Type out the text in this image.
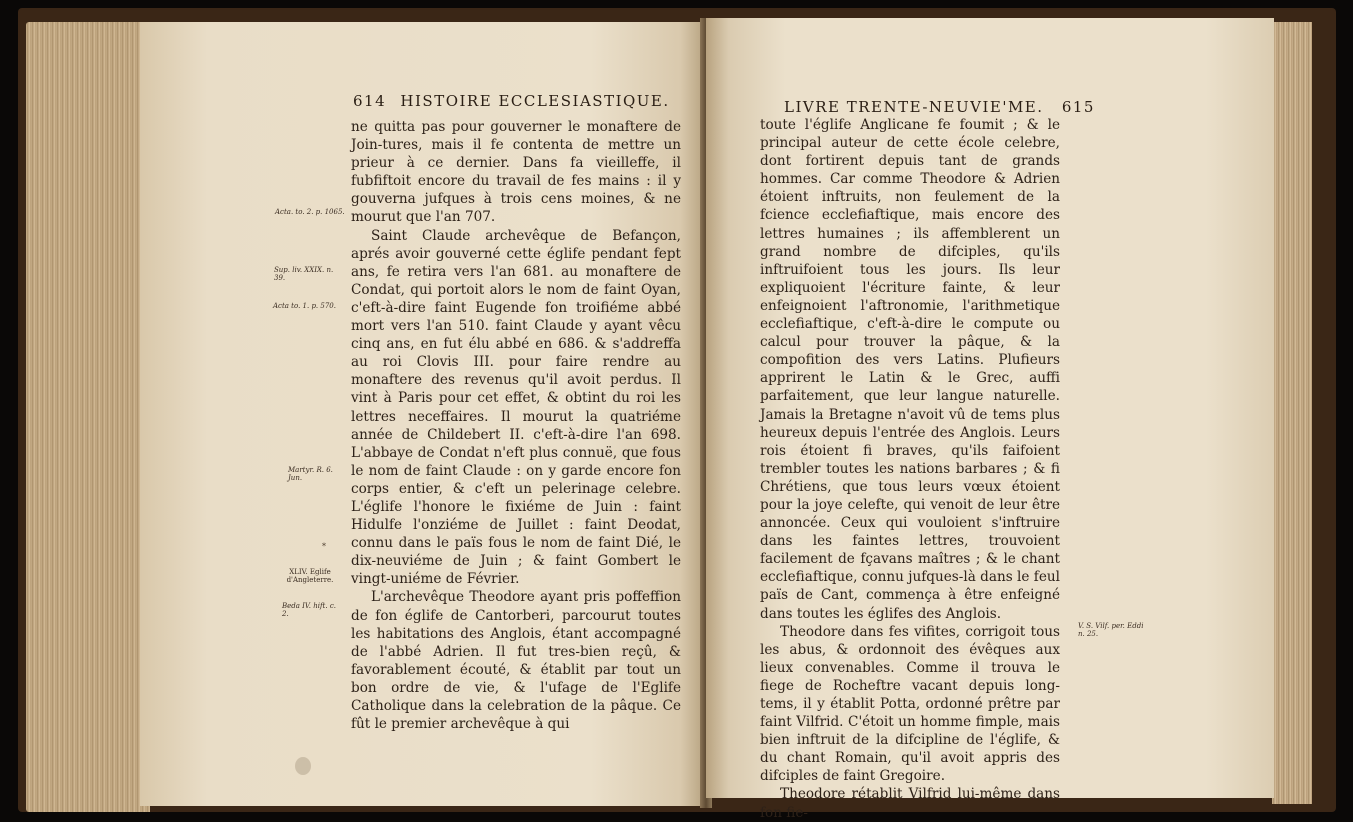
614 HISTOIRE ECCLESIASTIQUE.
Acta. to. 2. p. 1065.
Sup. liv. XXIX. n. 39.
Acta to. 1. p. 570.
Martyr. R. 6. Jun.
*
XLIV. Eglife d'Angleterre.
Beda IV. hift. c. 2.

ne quitta pas pour gouverner le monaftere de Join-tures, mais il fe contenta de mettre un prieur à ce dernier. Dans fa vieilleffe, il fubfiftoit encore du travail de fes mains : il y gouverna jufques à trois cens moines, & ne mourut que l'an 707.

Saint Claude archevêque de Befançon, aprés avoir gouverné cette églife pendant fept ans, fe retira vers l'an 681. au monaftere de Condat, qui portoit alors le nom de faint Oyan, c'eft-à-dire faint Eugende fon troifiéme abbé mort vers l'an 510. faint Claude y ayant vêcu cinq ans, en fut élu abbé en 686. & s'addreffa au roi Clovis III. pour faire rendre au monaftere des revenus qu'il avoit perdus. Il vint à Paris pour cet effet, & obtint du roi les lettres neceffaires. Il mourut la quatriéme année de Childebert II. c'eft-à-dire l'an 698. L'abbaye de Condat n'eft plus connuë, que fous le nom de faint Claude : on y garde encore fon corps entier, & c'eft un pelerinage celebre. L'églife l'honore le fixiéme de Juin : faint Hidulfe l'onziéme de Juillet : faint Deodat, connu dans le païs fous le nom de faint Dié, le dix-neuviéme de Juin ; & faint Gombert le vingt-uniéme de Février.

L'archevêque Theodore ayant pris poffeffion de fon églife de Cantorberi, parcourut toutes les habitations des Anglois, étant accompagné de l'abbé Adrien. Il fut tres-bien reçû, & favorablement écouté, & établit par tout un bon ordre de vie, & l'ufage de l'Eglife Catholique dans la celebration de la pâque. Ce fût le premier archevêque à qui

LIVRE TRENTE-NEUVIE'ME. 615

toute l'églife Anglicane fe foumit ; & le principal auteur de cette école celebre, dont fortirent depuis tant de grands hommes. Car comme Theodore & Adrien étoient inftruits, non feulement de la fcience ecclefiaftique, mais encore des lettres humaines ; ils affemblerent un grand nombre de difciples, qu'ils inftruifoient tous les jours. Ils leur expliquoient l'écriture fainte, & leur enfeignoient l'aftronomie, l'arithmetique ecclefiaftique, c'eft-à-dire le compute ou calcul pour trouver la pâque, & la compofition des vers Latins. Plufieurs apprirent le Latin & le Grec, auffi parfaitement, que leur langue naturelle. Jamais la Bretagne n'avoit vû de tems plus heureux depuis l'entrée des Anglois. Leurs rois étoient fi braves, qu'ils faifoient trembler toutes les nations barbares ; & fi Chrétiens, que tous leurs vœux étoient pour la joye celefte, qui venoit de leur être annoncée. Ceux qui vouloient s'inftruire dans les faintes lettres, trouvoient facilement de fçavans maîtres ; & le chant ecclefiaftique, connu jufques-là dans le feul païs de Cant, commença à être enfeigné dans toutes les églifes des Anglois.

Theodore dans fes vifites, corrigoit tous les abus, & ordonnoit des évêques aux lieux convenables. Comme il trouva le fiege de Rocheftre vacant depuis long-tems, il y établit Potta, ordonné prêtre par faint Vilfrid. C'étoit un homme fimple, mais bien inftruit de la difcipline de l'églife, & du chant Romain, qu'il avoit appris des difciples de faint Gregoire.

Theodore rétablit Vilfrid lui-même dans fon fie-

V. S. Vilf. per. Eddi n. 25.
